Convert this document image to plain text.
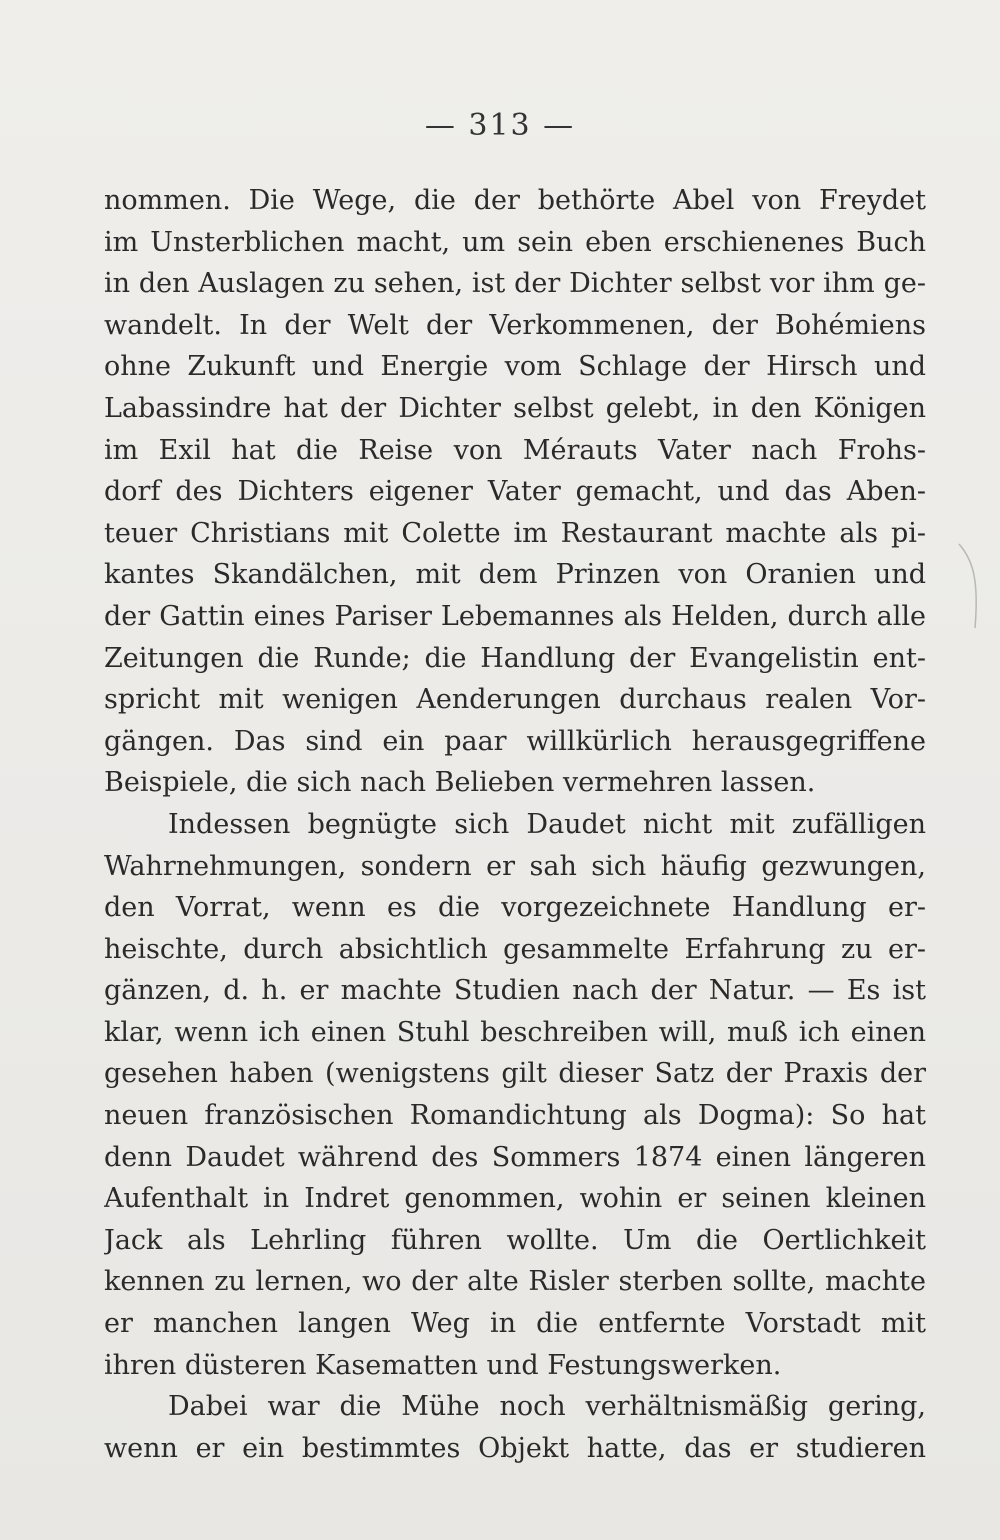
— 313 —
nommen. Die Wege, die der bethörte Abel von Freydet
im Unsterblichen macht, um sein eben erschienenes Buch
in den Auslagen zu sehen, ist der Dichter selbst vor ihm ge-
wandelt. In der Welt der Verkommenen, der Bohémiens
ohne Zukunft und Energie vom Schlage der Hirsch und
Labassindre hat der Dichter selbst gelebt, in den Königen
im Exil hat die Reise von Mérauts Vater nach Frohs-
dorf des Dichters eigener Vater gemacht, und das Aben-
teuer Christians mit Colette im Restaurant machte als pi-
kantes Skandälchen, mit dem Prinzen von Oranien und
der Gattin eines Pariser Lebemannes als Helden, durch alle
Zeitungen die Runde; die Handlung der Evangelistin ent-
spricht mit wenigen Aenderungen durchaus realen Vor-
gängen. Das sind ein paar willkürlich herausgegriffene
Beispiele, die sich nach Belieben vermehren lassen.
Indessen begnügte sich Daudet nicht mit zufälligen
Wahrnehmungen, sondern er sah sich häufig gezwungen,
den Vorrat, wenn es die vorgezeichnete Handlung er-
heischte, durch absichtlich gesammelte Erfahrung zu er-
gänzen, d. h. er machte Studien nach der Natur. — Es ist
klar, wenn ich einen Stuhl beschreiben will, muß ich einen
gesehen haben (wenigstens gilt dieser Satz der Praxis der
neuen französischen Romandichtung als Dogma): So hat
denn Daudet während des Sommers 1874 einen längeren
Aufenthalt in Indret genommen, wohin er seinen kleinen
Jack als Lehrling führen wollte. Um die Oertlichkeit
kennen zu lernen, wo der alte Risler sterben sollte, machte
er manchen langen Weg in die entfernte Vorstadt mit
ihren düsteren Kasematten und Festungswerken.
Dabei war die Mühe noch verhältnismäßig gering,
wenn er ein bestimmtes Objekt hatte, das er studieren
